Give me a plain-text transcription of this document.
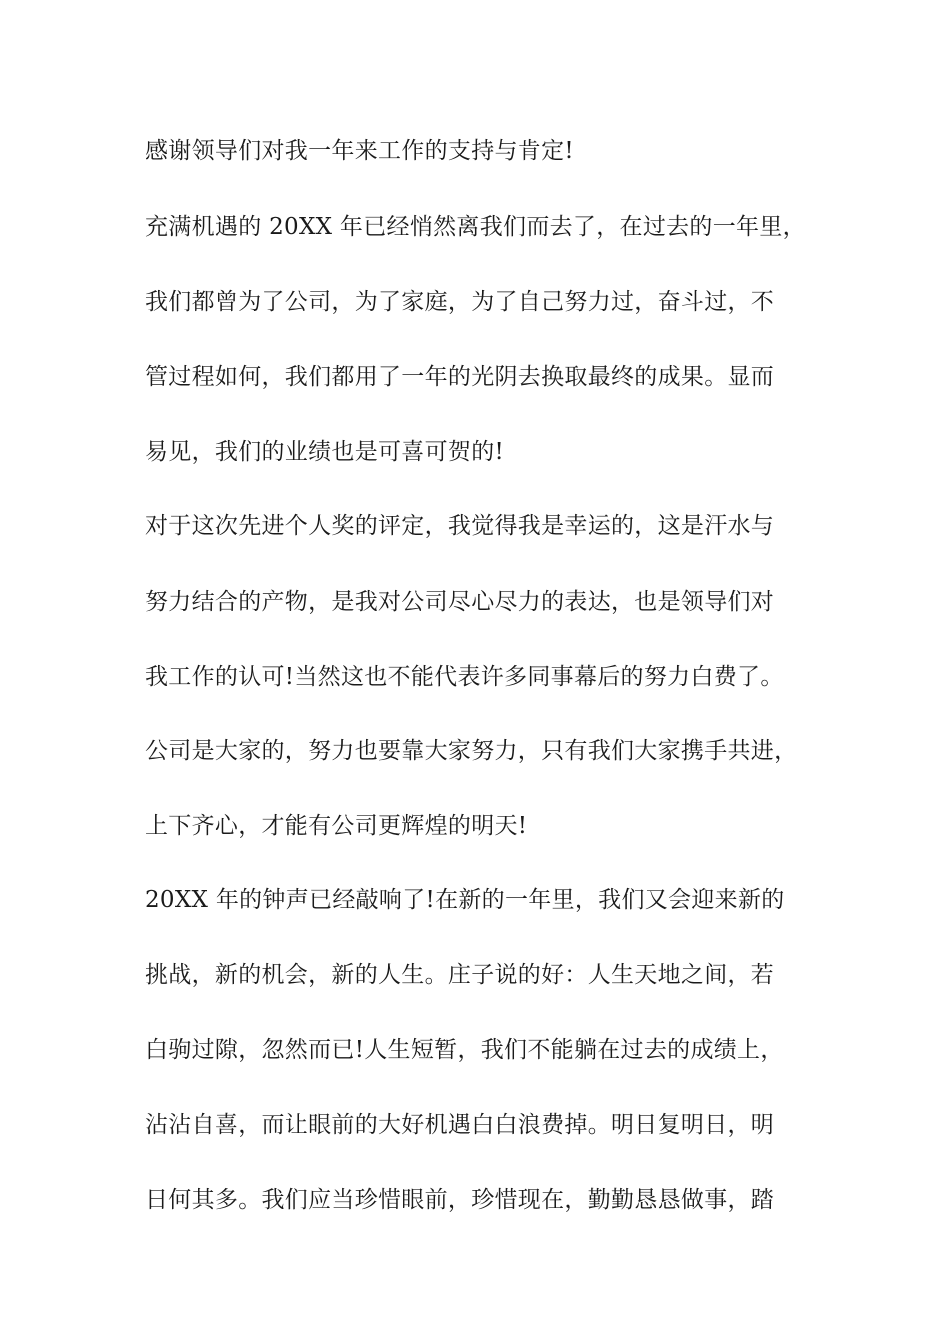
感谢领导们对我一年来工作的支持与肯定!
充满机遇的 20XX 年已经悄然离我们而去了，在过去的一年里，
我们都曾为了公司，为了家庭，为了自己努力过，奋斗过，不
管过程如何，我们都用了一年的光阴去换取最终的成果。显而
易见，我们的业绩也是可喜可贺的!
对于这次先进个人奖的评定，我觉得我是幸运的，这是汗水与
努力结合的产物，是我对公司尽心尽力的表达，也是领导们对
我工作的认可!当然这也不能代表许多同事幕后的努力白费了。
公司是大家的，努力也要靠大家努力，只有我们大家携手共进，
上下齐心，才能有公司更辉煌的明天!
20XX 年的钟声已经敲响了!在新的一年里，我们又会迎来新的
挑战，新的机会，新的人生。庄子说的好：人生天地之间，若
白驹过隙，忽然而已!人生短暂，我们不能躺在过去的成绩上，
沾沾自喜，而让眼前的大好机遇白白浪费掉。明日复明日，明
日何其多。我们应当珍惜眼前，珍惜现在，勤勤恳恳做事，踏
